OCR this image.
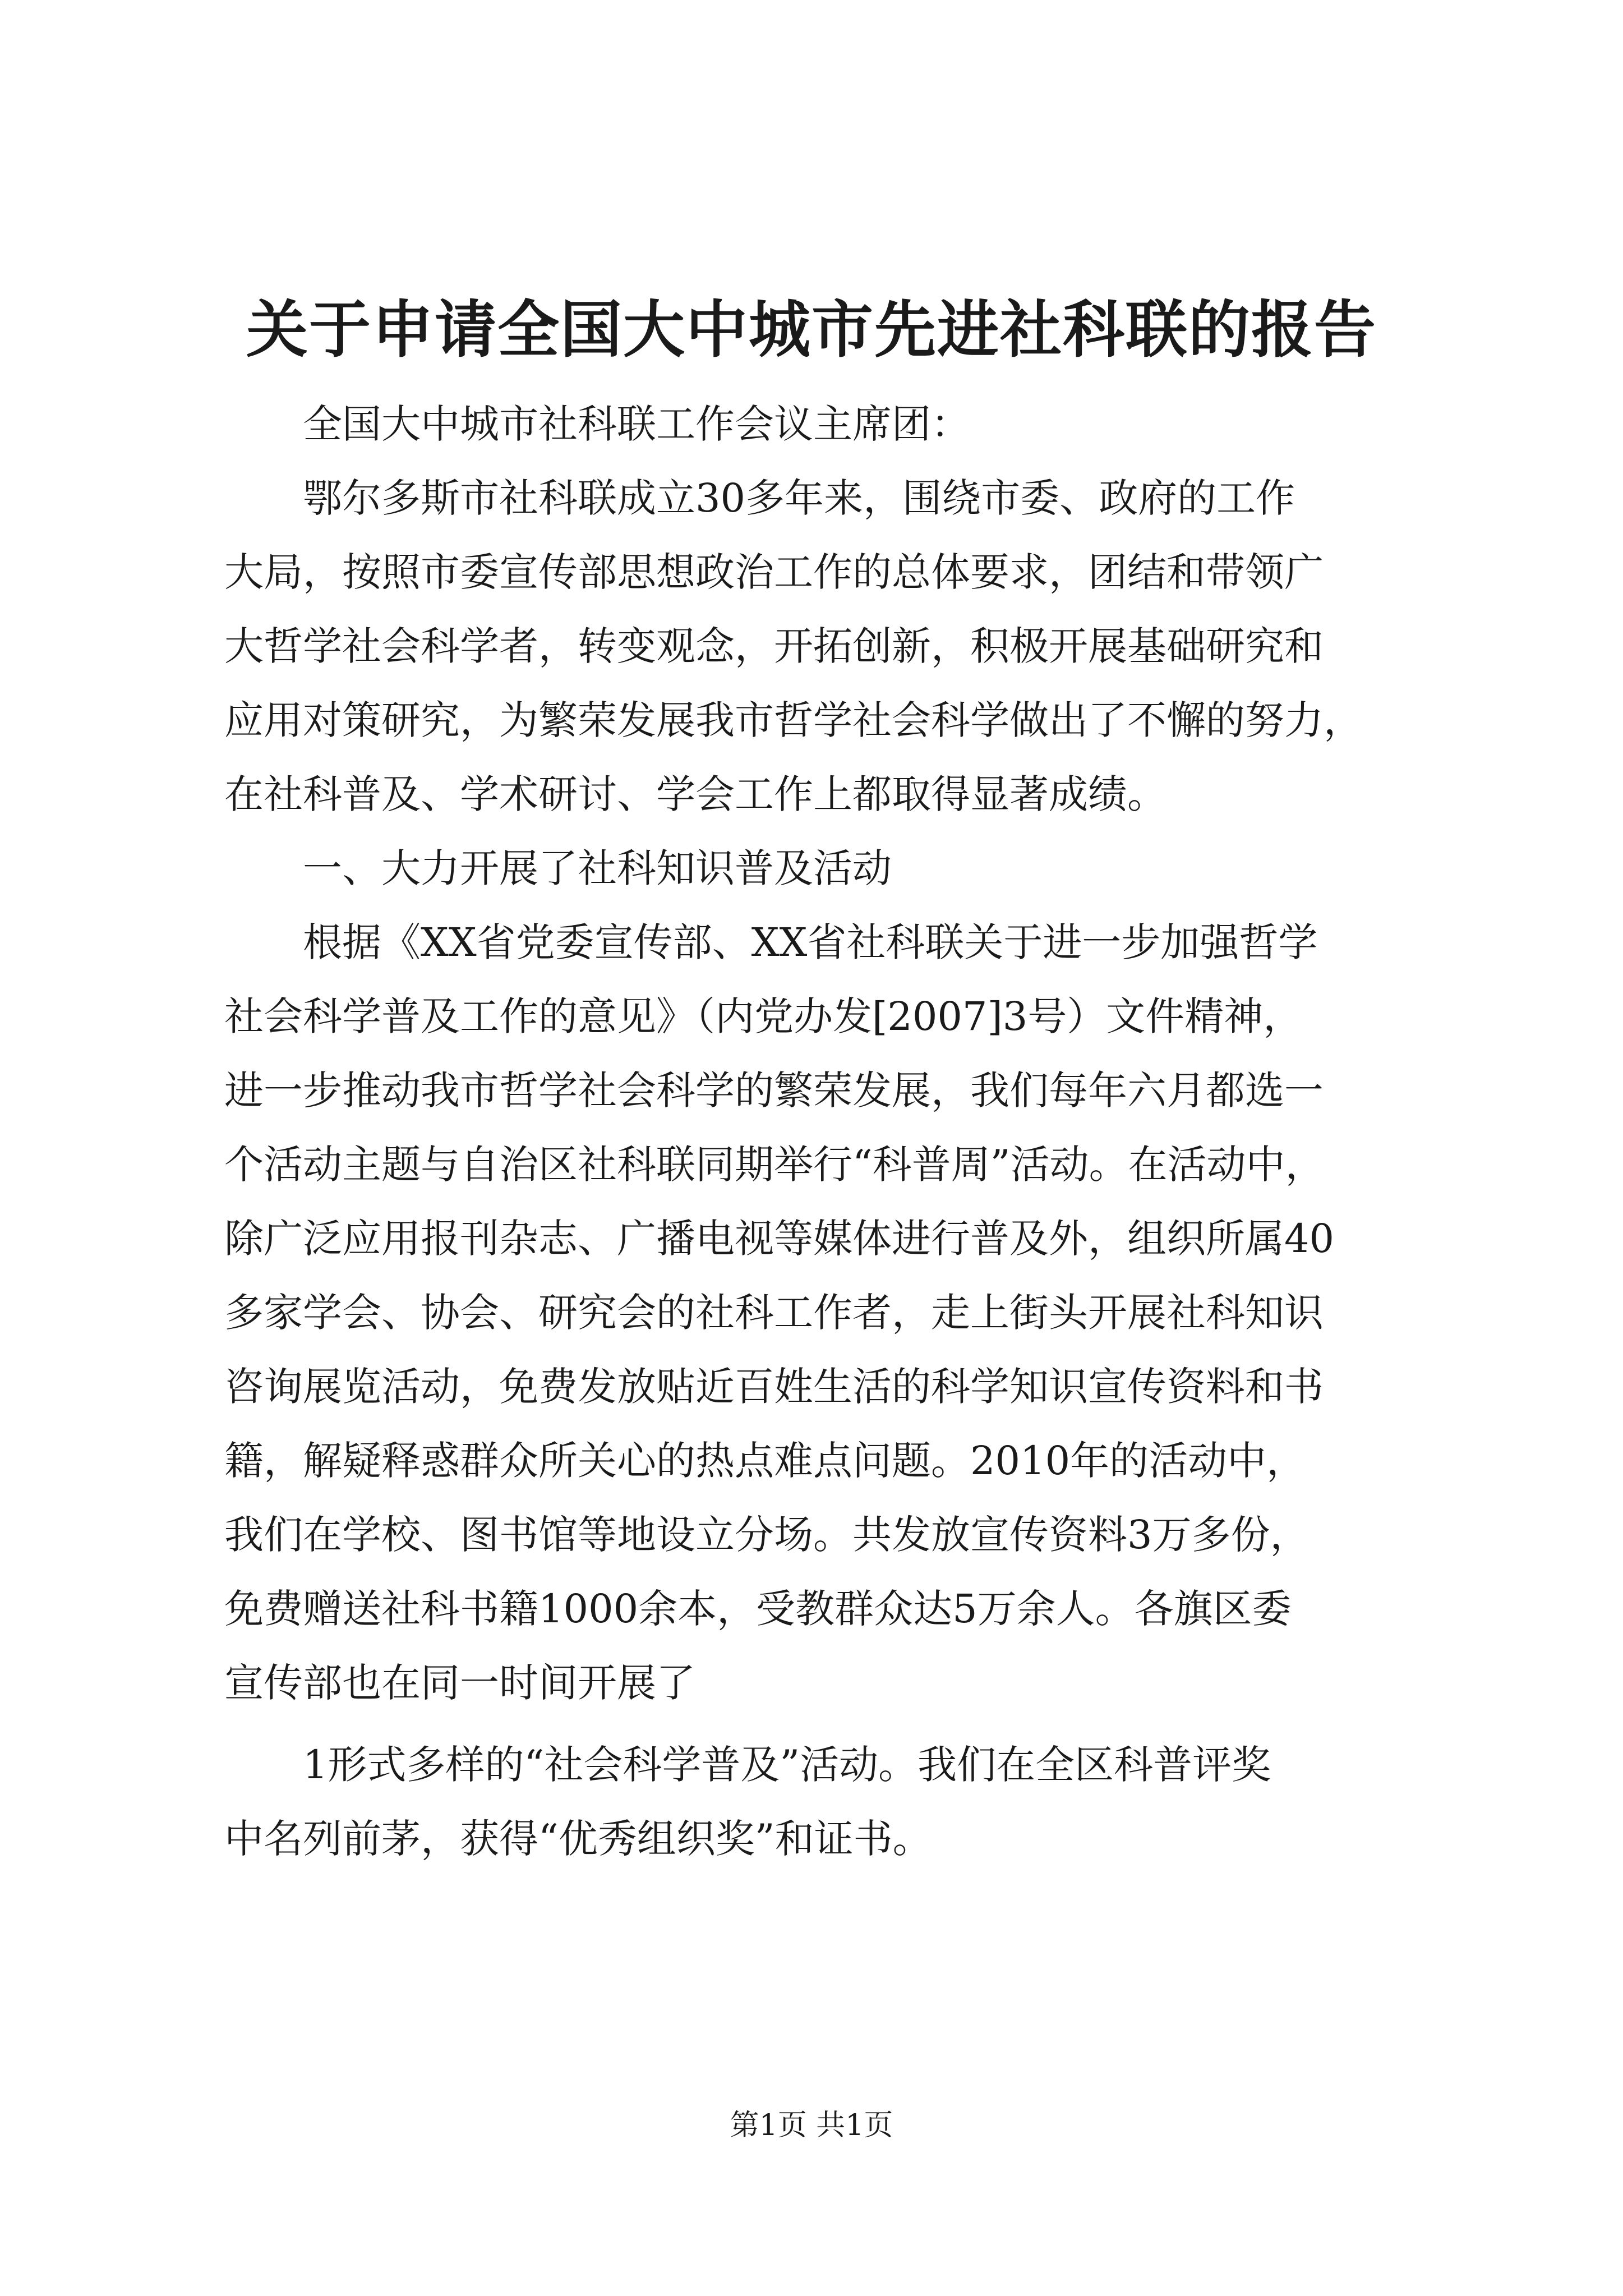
关于申请全国大中城市先进社科联的报告
全国大中城市社科联工作会议主席团：
鄂尔多斯市社科联成立30多年来，围绕市委、政府的工作
大局，按照市委宣传部思想政治工作的总体要求，团结和带领广
大哲学社会科学者，转变观念，开拓创新，积极开展基础研究和
应用对策研究，为繁荣发展我市哲学社会科学做出了不懈的努力，
在社科普及、学术研讨、学会工作上都取得显著成绩。
一、大力开展了社科知识普及活动
根据《XX省党委宣传部、XX省社科联关于进一步加强哲学
社会科学普及工作的意见》（内党办发[2007]3号）文件精神，
进一步推动我市哲学社会科学的繁荣发展，我们每年六月都选一
个活动主题与自治区社科联同期举行“科普周”活动。在活动中，
除广泛应用报刊杂志、广播电视等媒体进行普及外，组织所属40
多家学会、协会、研究会的社科工作者，走上街头开展社科知识
咨询展览活动，免费发放贴近百姓生活的科学知识宣传资料和书
籍，解疑释惑群众所关心的热点难点问题。2010年的活动中，
我们在学校、图书馆等地设立分场。共发放宣传资料3万多份，
免费赠送社科书籍1000余本，受教群众达5万余人。各旗区委
宣传部也在同一时间开展了
1形式多样的“社会科学普及”活动。我们在全区科普评奖
中名列前茅，获得“优秀组织奖”和证书。
第1页 共1页
